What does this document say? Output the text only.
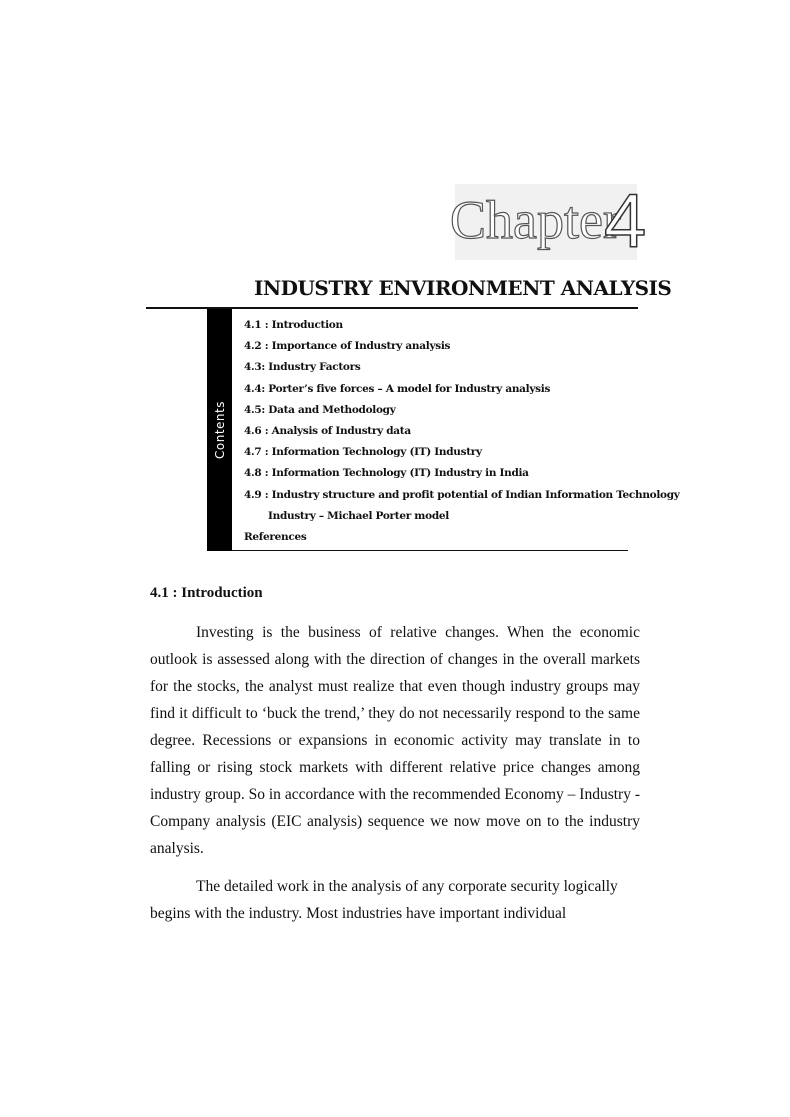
Chapter
4
INDUSTRY ENVIRONMENT ANALYSIS
Contents
4.1 : Introduction
4.2 : Importance of Industry analysis
4.3: Industry Factors
4.4: Porter’s five forces – A model for Industry analysis
4.5: Data and Methodology
4.6 : Analysis of Industry data
4.7 : Information Technology (IT) Industry
4.8 : Information Technology (IT) Industry in India
4.9 : Industry structure and profit potential of Indian Information Technology
Industry – Michael Porter model
References
4.1 : Introduction

Investing is the business of relative changes. When the economic outlook is assessed along with the direction of changes in the overall markets for the stocks, the analyst must realize that even though industry groups may find it difficult to ‘buck the trend,’ they do not necessarily respond to the same degree. Recessions or expansions in economic activity may translate in to falling or rising stock markets with different relative price changes among industry group. So in accordance with the recommended Economy – Industry - Company analysis (EIC analysis) sequence we now move on to the industry analysis.

The detailed work in the analysis of any corporate security logically

begins with the industry. Most industries have important individual
